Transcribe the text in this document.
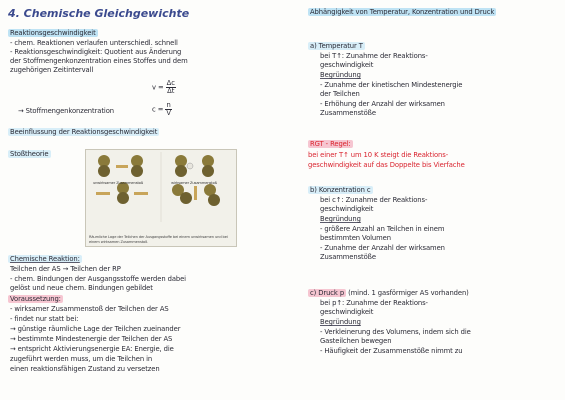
4. Chemische Gleichgewichte
Reaktionsgeschwindigkeit
- chem. Reaktionen verlaufen unterschiedl. schnell
- Reaktionsgeschwindigkeit: Quotient aus Änderung
der Stoffmengenkonzentration eines Stoffes und dem
zugehörigen Zeitintervall
$v = \frac{\Delta c}{\Delta t}$
→ Stoffmengenkonzentration	$c = \frac{n}{V}$
Beeinflussung der Reaktionsgeschwindigkeit
Stoßtheorie
unwirksamer Zusammenstoß	wirksamer Zusammenstoß
Räumliche Lage der Teilchen der Ausgangsstoffe bei einem unwirksamen und bei einem wirksamen Zusammenstoß
Chemische Reaktion:
Teilchen der AS → Teilchen der RP
- chem. Bindungen der Ausgangsstoffe werden dabei
gelöst und neue chem. Bindungen gebildet
Voraussetzung:
- wirksamer Zusammenstoß der Teilchen der AS
- findet nur statt bei:
→ günstige räumliche Lage der Teilchen zueinander
→ bestimmte Mindestenergie der Teilchen der AS
→ entspricht Aktivierungsenergie EA: Energie, die
zugeführt werden muss, um die Teilchen in
einen reaktionsfähigen Zustand zu versetzen
Abhängigkeit von Temperatur, Konzentration und Druck
a) Temperatur T
bei T↑: Zunahme der Reaktions-
geschwindigkeit
Begründung
- Zunahme der kinetischen Mindestenergie
der Teilchen
- Erhöhung der Anzahl der wirksamen
Zusammenstöße
RGT - Regel:
bei einer T↑ um 10 K steigt die Reaktions-
geschwindigkeit auf das Doppelte bis Vierfache
b) Konzentration c
bei c↑: Zunahme der Reaktions-
geschwindigkeit
Begründung
- größere Anzahl an Teilchen in einem
bestimmten Volumen
- Zunahme der Anzahl der wirksamen
Zusammenstöße
c) Druck p (mind. 1 gasförmiger AS vorhanden)
bei p↑: Zunahme der Reaktions-
geschwindigkeit
Begründung
- Verkleinerung des Volumens, indem sich die
Gasteilchen bewegen
- Häufigkeit der Zusammenstöße nimmt zu
